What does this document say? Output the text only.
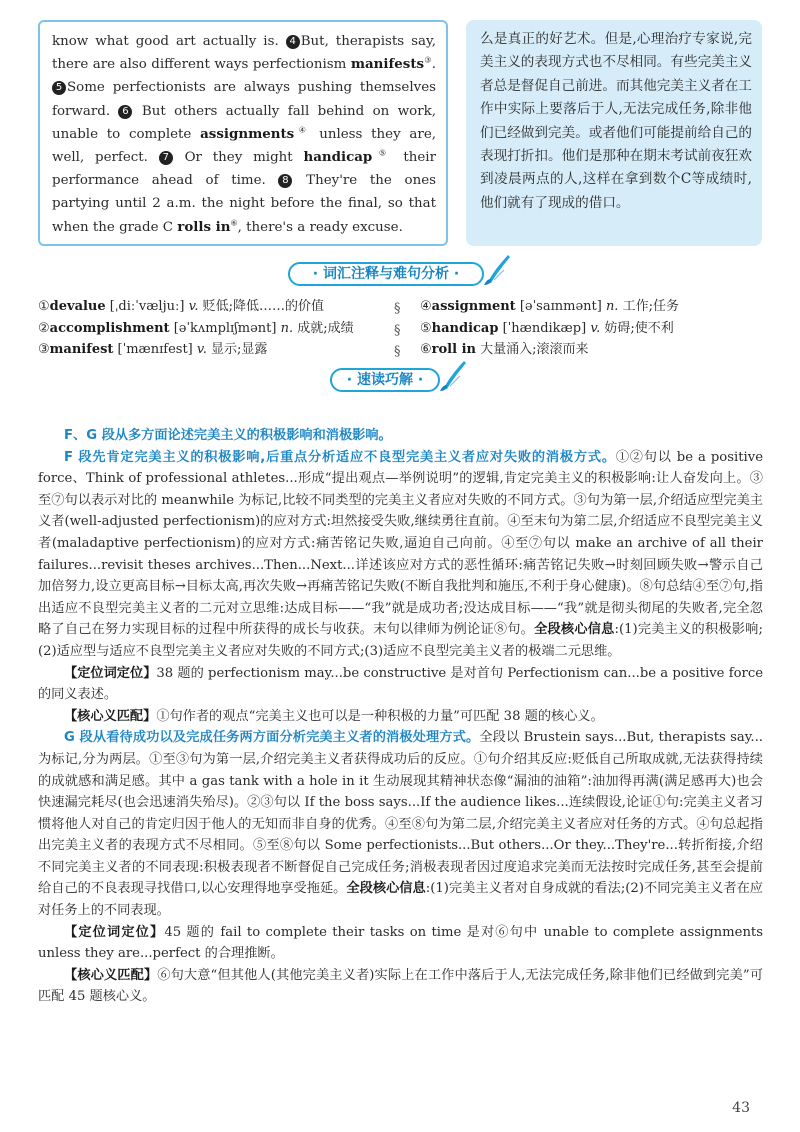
know what good art actually is. 4 But, therapists say, there are also different ways perfectionism manifests③. 5 Some perfectionists are always pushing themselves forward. 6 But others actually fall behind on work, unable to complete assignments④ unless they are, well, perfect. 7 Or they might handicap⑤ their performance ahead of time. 8 They're the ones partying until 2 a.m. the night before the final, so that when the grade C rolls in⑥, there's a ready excuse.

么是真正的好艺术。但是,心理治疗专家说,完美主义的表现方式也不尽相同。有些完美主义者总是督促自己前进。而其他完美主义者在工作中实际上要落后于人,无法完成任务,除非他们已经做到完美。或者他们可能提前给自己的表现打折扣。他们是那种在期末考试前夜狂欢到凌晨两点的人,这样在拿到数个C等成绩时,他们就有了现成的借口。

· 词汇注释与难句分析 ·
①devalue [ˌdiːˈvæljuː] v. 贬低;降低……的价值
②accomplishment [əˈkʌmplɪʃmənt] n. 成就;成绩
③manifest [ˈmænɪfest] v. 显示;显露
§
§
§
④assignment [əˈsaɪnmənt] n. 工作;任务
⑤handicap [ˈhændikæp] v. 妨碍;使不利
⑥roll in 大量涌入;滚滚而来
· 速读巧解 ·

F、G 段从多方面论述完美主义的积极影响和消极影响。

F 段先肯定完美主义的积极影响,后重点分析适应不良型完美主义者应对失败的消极方式。①②句以 be a positive force、Think of professional athletes...形成“提出观点—举例说明”的逻辑,肯定完美主义的积极影响:让人奋发向上。③至⑦句以表示对比的 meanwhile 为标记,比较不同类型的完美主义者应对失败的不同方式。③句为第一层,介绍适应型完美主义者(well-adjusted perfectionism)的应对方式:坦然接受失败,继续勇往直前。④至末句为第二层,介绍适应不良型完美主义者(maladaptive perfectionism)的应对方式:痛苦铭记失败,逼迫自己向前。④至⑦句以 make an archive of all their failures...revisit theses archives...Then...Next...详述该应对方式的恶性循环:痛苦铭记失败→时刻回顾失败→警示自己加倍努力,设立更高目标→目标太高,再次失败→再痛苦铭记失败(不断自我批判和施压,不利于身心健康)。⑧句总结④至⑦句,指出适应不良型完美主义者的二元对立思维:达成目标——“我”就是成功者;没达成目标——“我”就是彻头彻尾的失败者,完全忽略了自己在努力实现目标的过程中所获得的成长与收获。末句以律师为例论证⑧句。全段核心信息:(1)完美主义的积极影响;(2)适应型与适应不良型完美主义者应对失败的不同方式;(3)适应不良型完美主义者的极端二元思维。

【定位词定位】38 题的 perfectionism may...be constructive 是对首句 Perfectionism can...be a positive force 的同义表述。

【核心义匹配】①句作者的观点“完美主义也可以是一种积极的力量”可匹配 38 题的核心义。

G 段从看待成功以及完成任务两方面分析完美主义者的消极处理方式。全段以 Brustein says...But, therapists say...为标记,分为两层。①至③句为第一层,介绍完美主义者获得成功后的反应。①句介绍其反应:贬低自己所取成就,无法获得持续的成就感和满足感。其中 a gas tank with a hole in it 生动展现其精神状态像“漏油的油箱”:油加得再满(满足感再大)也会快速漏完耗尽(也会迅速消失殆尽)。②③句以 If the boss says...If the audience likes...连续假设,论证①句:完美主义者习惯将他人对自己的肯定归因于他人的无知而非自身的优秀。④至⑧句为第二层,介绍完美主义者应对任务的方式。④句总起指出完美主义者的表现方式不尽相同。⑤至⑧句以 Some perfectionists...But others...Or they...They're...转折衔接,介绍不同完美主义者的不同表现:积极表现者不断督促自己完成任务;消极表现者因过度追求完美而无法按时完成任务,甚至会提前给自己的不良表现寻找借口,以心安理得地享受拖延。全段核心信息:(1)完美主义者对自身成就的看法;(2)不同完美主义者在应对任务上的不同表现。

【定位词定位】45 题的 fail to complete their tasks on time 是对⑥句中 unable to complete assignments unless they are...perfect 的合理推断。

【核心义匹配】⑥句大意“但其他人(其他完美主义者)实际上在工作中落后于人,无法完成任务,除非他们已经做到完美”可匹配 45 题核心义。

43
